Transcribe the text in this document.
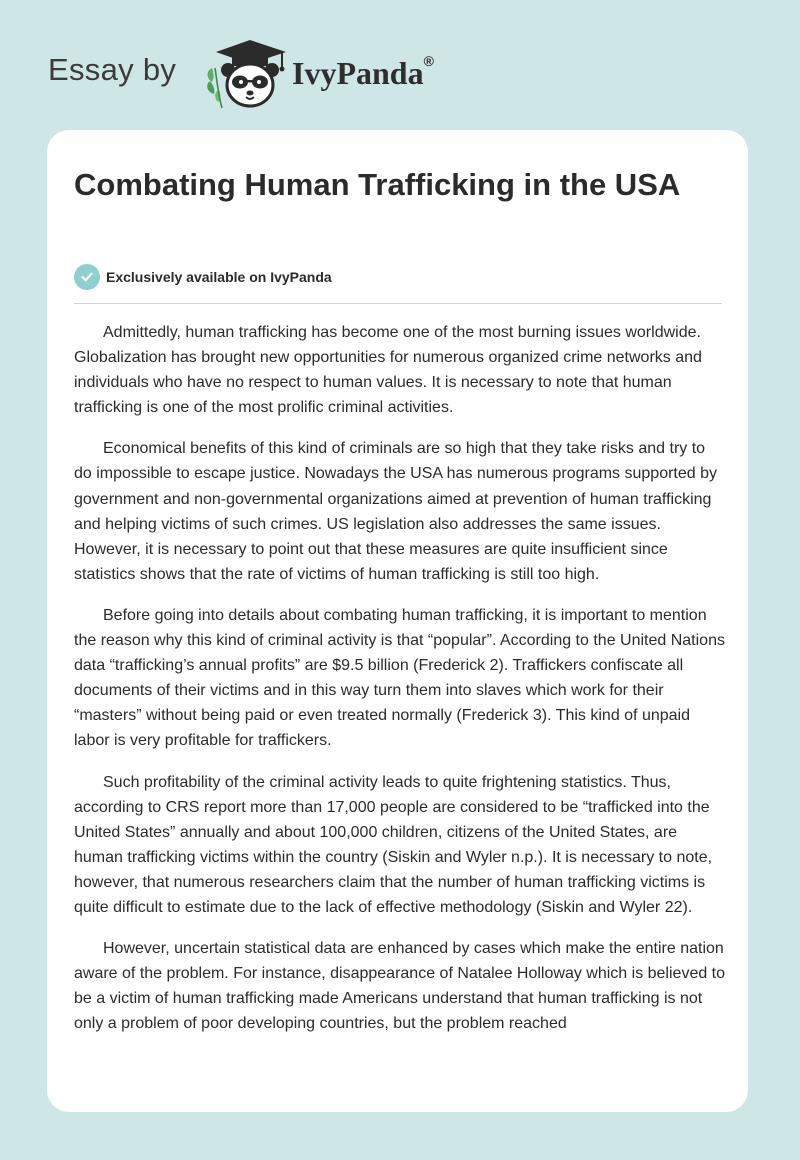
Essay by	IvyPanda®
Combating Human Trafficking in the USA
Exclusively available on IvyPanda

Admittedly, human trafficking has become one of the most burning issues worldwide. Globalization has brought new opportunities for numerous organized crime networks and individuals who have no respect to human values. It is necessary to note that human trafficking is one of the most prolific criminal activities.

Economical benefits of this kind of criminals are so high that they take risks and try to do impossible to escape justice. Nowadays the USA has numerous programs supported by government and non-governmental organizations aimed at prevention of human trafficking and helping victims of such crimes. US legislation also addresses the same issues. However, it is necessary to point out that these measures are quite insufficient since statistics shows that the rate of victims of human trafficking is still too high.

Before going into details about combating human trafficking, it is important to mention the reason why this kind of criminal activity is that “popular”. According to the United Nations data “trafficking’s annual profits” are $9.5 billion (Frederick 2). Traffickers confiscate all documents of their victims and in this way turn them into slaves which work for their “masters” without being paid or even treated normally (Frederick 3). This kind of unpaid labor is very profitable for traffickers.

Such profitability of the criminal activity leads to quite frightening statistics. Thus, according to CRS report more than 17,000 people are considered to be “trafficked into the United States” annually and about 100,000 children, citizens of the United States, are human trafficking victims within the country (Siskin and Wyler n.p.). It is necessary to note, however, that numerous researchers claim that the number of human trafficking victims is quite difficult to estimate due to the lack of effective methodology (Siskin and Wyler 22).

However, uncertain statistical data are enhanced by cases which make the entire nation aware of the problem. For instance, disappearance of Natalee Holloway which is believed to be a victim of human trafficking made Americans understand that human trafficking is not only a problem of poor developing countries, but the problem reached
